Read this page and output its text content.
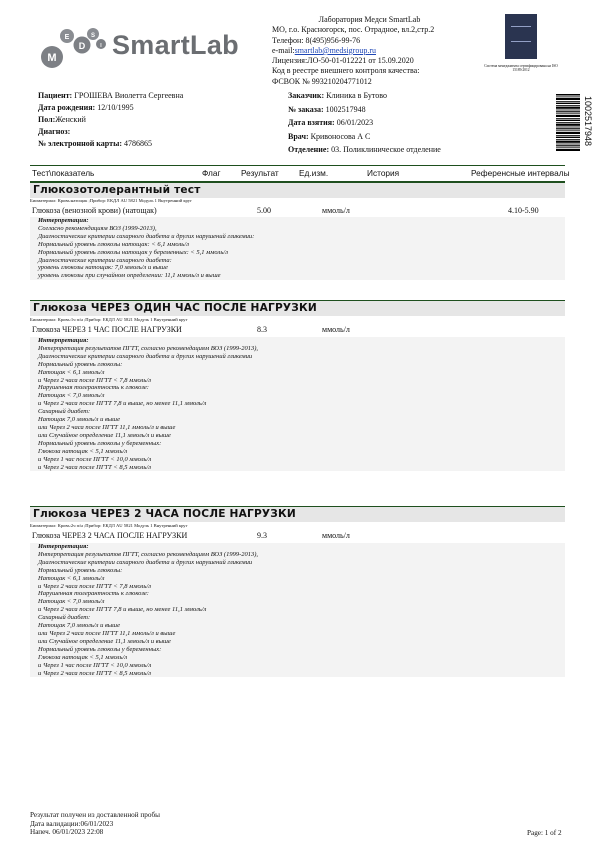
M
E
D
S
I SmartLab
Лаборатория Медси SmartLab
МО, г.о. Красногорск, пос. Отрадное, вл.2,стр.2
Телефон: 8(495)956-99-76
e-mail:smartlab@medsigroup.ru
Лицензия:ЛО-50-01-012221 от 15.09.2020
Код в реестре внешнего контроля качества:
ФСВОК № 993210204771012
Система менеджмента сертифицирована на ISO 15189:2012
1002517948
Пациент: ГРОШЕВА Виолетта Сергеевна
Дата рождения: 12/10/1995
Пол:Женский
Диагноз:
№ электронной карты: 4786865
Заказчик: Клиника в Бутово
№ заказа: 1002517948
Дата взятия: 06/01/2023
Врач: Кривоносова А С
Отделение: 03. Поликлиническое отделение
Тест\показатель	Флаг Результат Ед.изм.	История	Референсные интервалы
Глюкозотолерантный тест
Биоматериал: Кровь:натощак ;Прибор: ЕКДЛ AU 5821 Модуль 1 Внутренний круг
Глюкоза (венозной крови) (натощак)	5.00	ммоль/л	4.10-5.90
Интерпретация:
Согласно рекомендациям ВОЗ (1999-2013),
Диагностические критерии сахарного диабета и других нарушений гликемии:
Нормальный уровень глюкозы натощак: < 6,1 ммоль/л
Нормальный уровень глюкозы натощак у беременных: < 5,1 ммоль/л
Диагностические критерии сахарного диабета:
уровень глюкозы натощак: 7,0 ммоль/л и выше
уровень глюкозы при случайном определении: 11,1 ммоль/л и выше
Глюкоза ЧЕРЕЗ ОДИН ЧАС ПОСЛЕ НАГРУЗКИ
Биоматериал: Кровь:1ч п/н ;Прибор: ЕКДЛ AU 5821 Модуль 1 Внутренний круг
Глюкоза ЧЕРЕЗ 1 ЧАС ПОСЛЕ НАГРУЗКИ	8.3	ммоль/л
Интерпретация:
Интерпретация результатов ПГТТ, согласно рекомендациям ВОЗ (1999-2013),
Диагностические критерии сахарного диабета и других нарушений гликемии
Нормальный уровень глюкозы:
Натощак < 6,1 ммоль/л
и Через 2 часа после ПГТТ < 7,8 ммоль/л
Нарушенная толерантность к глюкозе:
Натощак < 7,0 ммоль/л
и Через 2 часа после ПГТТ 7,8 и выше, но менее 11,1 ммоль/л
Сахарный диабет:
Натощак 7,0 ммоль/л и выше
или Через 2 часа после ПГТТ 11,1 ммоль/л и выше
или Случайное определение 11,1 ммоль/л и выше
Нормальный уровень глюкозы у беременных:
Глюкоза натощак < 5,1 ммоль/л
и Через 1 час после ПГТТ < 10,0 ммоль/л
и Через 2 часа после ПГТТ < 8,5 ммоль/л
Глюкоза ЧЕРЕЗ 2 ЧАСА ПОСЛЕ НАГРУЗКИ
Биоматериал: Кровь:2ч п/н ;Прибор: ЕКДЛ AU 5821 Модуль 1 Внутренний круг
Глюкоза ЧЕРЕЗ 2 ЧАСА ПОСЛЕ НАГРУЗКИ	9.3	ммоль/л
Интерпретация:
Интерпретация результатов ПГТТ, согласно рекомендациям ВОЗ (1999-2013),
Диагностические критерии сахарного диабета и других нарушений гликемии
Нормальный уровень глюкозы:
Натощак < 6,1 ммоль/л
и Через 2 часа после ПГТТ < 7,8 ммоль/л
Нарушенная толерантность к глюкозе:
Натощак < 7,0 ммоль/л
и Через 2 часа после ПГТТ 7,8 и выше, но менее 11,1 ммоль/л
Сахарный диабет:
Натощак 7,0 ммоль/л и выше
или Через 2 часа после ПГТТ 11,1 ммоль/л и выше
или Случайное определение 11,1 ммоль/л и выше
Нормальный уровень глюкозы у беременных:
Глюкоза натощак < 5,1 ммоль/л
и Через 1 час после ПГТТ < 10,0 ммоль/л
и Через 2 часа после ПГТТ < 8,5 ммоль/л
Результат получен из доставленной пробы
Дата валидации:06/01/2023
Напеч. 06/01/2023 22:08	Page: 1 of 2
